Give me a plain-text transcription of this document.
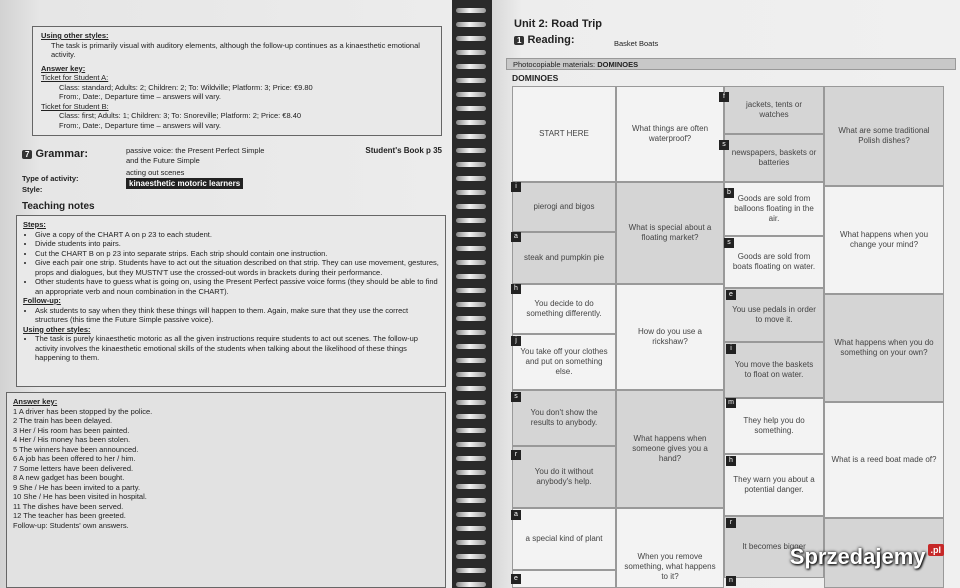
Using other styles:
The task is primarily visual with auditory elements, although the follow-up continues as a kinaesthetic emotional activity.
Answer key:
Ticket for Student A:
Class: standard; Adults: 2; Children: 2; To: Wildville; Platform: 3; Price: €9.80
From:, Date:, Departure time – answers will vary.
Ticket for Student B:
Class: first; Adults: 1; Children: 3; To: Snoreville; Platform: 2; Price: €8.40
From:, Date:, Departure time – answers will vary.
7 Grammar:	passive voice: the Present Perfect Simple
and the Future Simple
Student's Book p 35
Type of activity:
acting out scenes
Style:
kinaesthetic motoric learners
Teaching notes
Steps:
• Give a copy of the CHART A on p 23 to each student.
• Divide students into pairs.
• Cut the CHART B on p 23 into separate strips. Each strip should contain one instruction.
• Give each pair one strip. Students have to act out the situation described on that strip. They can use movement, gestures, props and dialogues, but they MUSTN'T use the crossed-out words in brackets during their performance.
• Other students have to guess what is going on, using the Present Perfect passive voice forms (they should be able to find an appropriate verb and noun combination in the CHART).
Follow-up:
• Ask students to say when they think these things will happen to them. Again, make sure that they use the correct structures (this time the Future Simple passive voice).
Using other styles:
• The task is purely kinaesthetic motoric as all the given instructions require students to act out scenes. The follow-up activity involves the kinaesthetic emotional skills of the students when talking about the likelihood of these things happening to them.
Answer key:
1 A driver has been stopped by the police.
2 The train has been delayed.
3 Her / His room has been painted.
4 Her / His money has been stolen.
5 The winners have been announced.
6 A job has been offered to her / him.
7 Some letters have been delivered.
8 A new gadget has been bought.
9 She / He has been invited to a party.
10 She / He has been visited in hospital.
11 The dishes have been served.
12 The teacher has been greeted.
Follow-up: Students' own answers.
Unit 2: Road Trip
1 Reading:	Basket Boats
Photocopiable materials: DOMINOES
DOMINOES
START HERE
pierogi and bigos
steak and pumpkin pie
You decide to do something differently.
You take off your clothes and put on something else.
You don't show the results to anybody.
You do it without anybody's help.
a special kind of plant
What things are often waterproof?
What is special about a floating market?
How do you use a rickshaw?
What happens when someone gives you a hand?
When you remove something, what happens to it?
jackets, tents or watches
newspapers, baskets or batteries
Goods are sold from balloons floating in the air.
Goods are sold from boats floating on water.
You use pedals in order to move it.
You move the baskets to float on water.
They help you do something.
They warn you about a potential danger.
It becomes bigger
What are some traditional Polish dishes?
What happens when you change your mind?
What happens when you do something on your own?
What is a reed boat made of?
f
s
i
a
b
s
h
e
j
i
s
m
r
h
a
r
e	n
Sprzedajemy .pl
